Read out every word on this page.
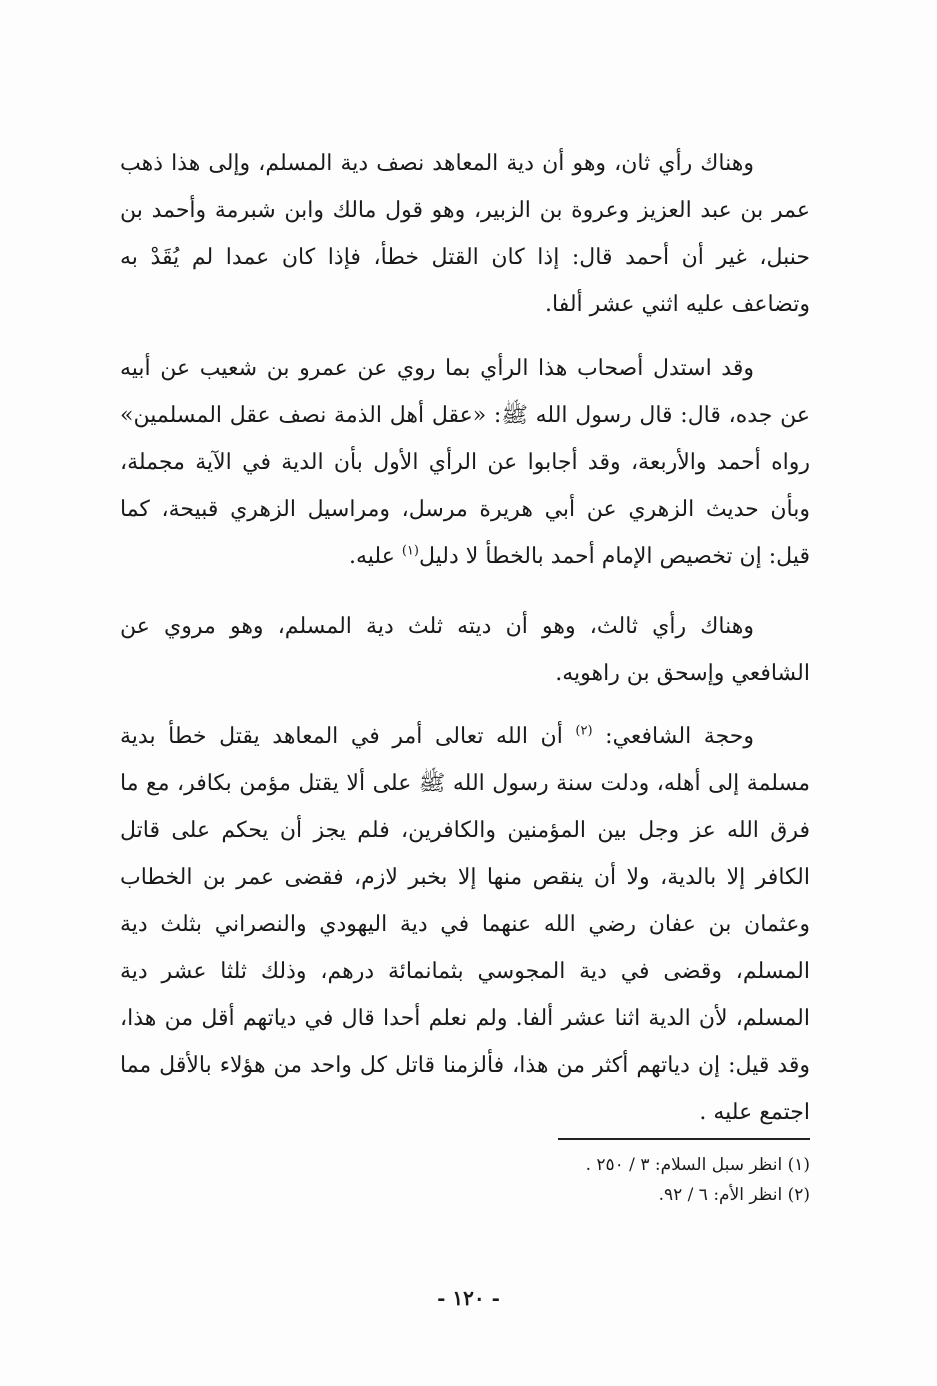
وهناك رأي ثان، وهو أن دية المعاهد نصف دية المسلم، وإلى هذا ذهب عمر بن عبد العزيز وعروة بن الزبير، وهو قول مالك وابن شبرمة وأحمد بن حنبل، غير أن أحمد قال: إذا كان القتل خطأ، فإذا كان عمدا لم يُقَدْ به وتضاعف عليه اثني عشر ألفا.

وقد استدل أصحاب هذا الرأي بما روي عن عمرو بن شعيب عن أبيه عن جده، قال: قال رسول الله ﷺ: «عقل أهل الذمة نصف عقل المسلمين» رواه أحمد والأربعة، وقد أجابوا عن الرأي الأول بأن الدية في الآية مجملة، وبأن حديث الزهري عن أبي هريرة مرسل، ومراسيل الزهري قبيحة، كما قيل: إن تخصيص الإمام أحمد بالخطأ لا دليل$^{(١)}$ عليه.

وهناك رأي ثالث، وهو أن ديته ثلث دية المسلم، وهو مروي عن الشافعي وإسحق بن راهويه.

وحجة الشافعي: $^{(٢)}$ أن الله تعالى أمر في المعاهد يقتل خطأ بدية مسلمة إلى أهله، ودلت سنة رسول الله ﷺ على ألا يقتل مؤمن بكافر، مع ما فرق الله عز وجل بين المؤمنين والكافرين، فلم يجز أن يحكم على قاتل الكافر إلا بالدية، ولا أن ينقص منها إلا بخبر لازم، فقضى عمر بن الخطاب وعثمان بن عفان رضي الله عنهما في دية اليهودي والنصراني بثلث دية المسلم، وقضى في دية المجوسي بثمانمائة درهم، وذلك ثلثا عشر دية المسلم، لأن الدية اثنا عشر ألفا. ولم نعلم أحدا قال في دياتهم أقل من هذا، وقد قيل: إن دياتهم أكثر من هذا، فألزمنا قاتل كل واحد من هؤلاء بالأقل مما اجتمع عليه .

(١) انظر سبل السلام: ٣ / ٢٥٠ .

(٢) انظر الأم: ٦ / ٩٢.

- ١٢٠ -
